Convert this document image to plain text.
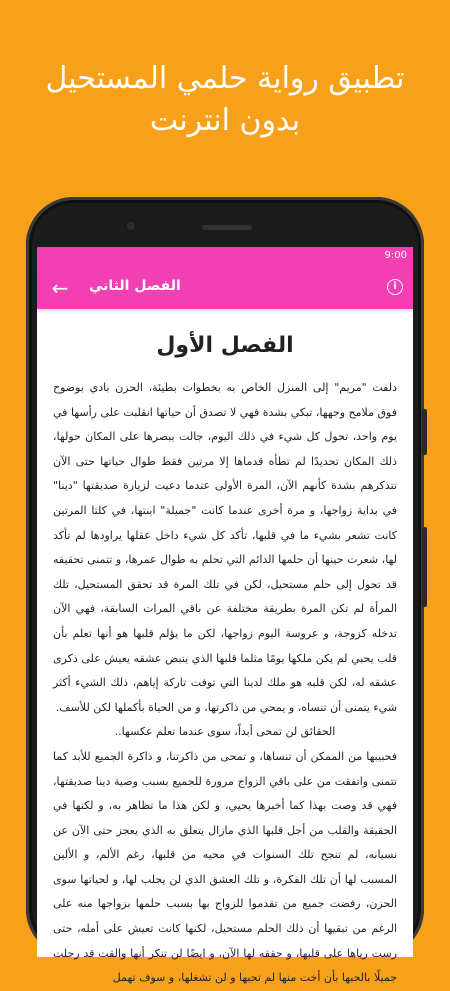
تطبيق رواية حلمي المستحيل
بدون انترنت
9:00
i
الفصل الثاني
←
الفصل الأول

دلفت "مريم" إلى المنزل الخاص به بخطوات بطيئة، الحزن بادي بوضوح فوق ملامح وجهها، تبكي بشدة فهي لا تصدق أن حياتها انقلبت على رأسها في يوم واحد، تحول كل شيء في ذلك اليوم، جالت ببصرها على المكان حولها، ذلك المكان تحديدًا لم تطأه قدماها إلا مرتين فقط طوال حياتها حتى الآن تتذكرهم بشدة كأنهم الآن، المرة الأولى عندما دعيت لزيارة صديقتها "دينا" في بداية زواجها، و مرة أخرى عندما كانت "جميلة" ابنتها، في كلتا المرتين كانت تشعر بشيء ما في قلبها، تأكد كل شيء داخل عقلها يراودها لم تأكد لها، شعرت حينها أن حلمها الدائم التي تحلم به طوال عمرها، و تتمنى تحقيقه قد تحول إلى حلم مستحيل، لكن في تلك المرة قد تحقق المستحيل، تلك المرأة لم تكن المرة بطريقة مختلفة عن باقي المرات السابقة، فهي الآن تدخله كزوجة، و عروسة اليوم زواجها، لكن ما يؤلم قلبها هو أنها تعلم بأن قلب يحبي لم يكن ملكها يومًا مثلما قلبها الذي ينبض عشقه يعيش على ذكرى عشقه له، لكن قلبه هو ملك لدينا التي توفت تاركة إياهم، ذلك الشيء أكثر شيء يتمنى أن تنساه، و يمحي من ذاكرتها، و من الحياة بأكملها لكن للأسف.

الحقائق لن تمحى أبداً، سوى عندما تعلم عكسها..

فحبيبها من الممكن أن تنساها، و تمحى من ذاكرتنا، و ذاكرة الجميع للأبد كما تتمنى واتفقت من على باقي الزواج مرورة للجميع بسبب وصية دينا صديقتها، فهي قد وصت بهذا كما أخبرها يحيي، و لكن هذا ما تظاهر به، و لكنها في الحقيقة والقلب من أجل قلبها الذي مازال يتعلق به الذي يعجز حتى الآن عن نسيانه، لم تنجح تلك السنوات في محيه من قلبها، رغم الألم، و الألين المسبب لها أن تلك الفكرة، و تلك العشق الذي لن يجلب لها، و لحياتها سوى الحزن، رفضت جميع من تقدموا للزواج بها بسبب حلمها بزواجها منه على الرغم من تبقيها أن ذلك الحلم مستحيل، لكنها كانت تعيش على أمله، حتى رست رياها على قلبها، و حققه لها الآن، و ايضًا لن تنكر أنها والقت قد رحلت جميلًا بالحبها بأن أخت منها لم تحبها و لن تشغلها، و سوف تهمل
